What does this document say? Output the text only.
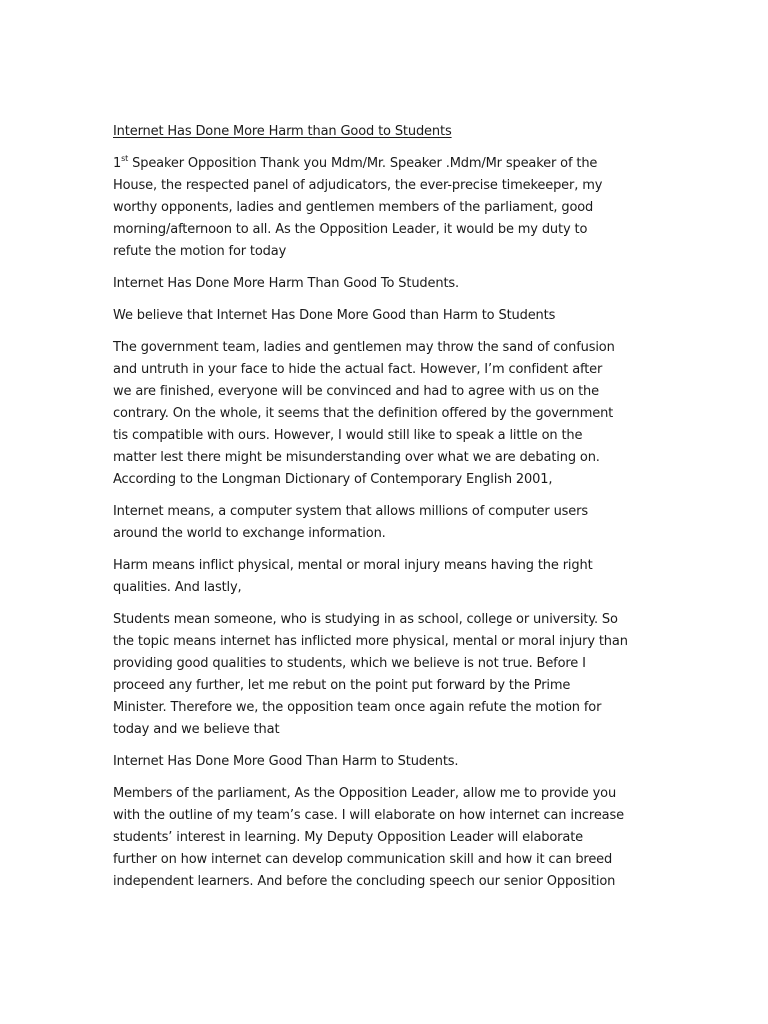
Internet Has Done More Harm than Good to Students

1st Speaker Opposition Thank you Mdm/Mr. Speaker .Mdm/Mr speaker of the
House, the respected panel of adjudicators, the ever-precise timekeeper, my
worthy opponents, ladies and gentlemen members of the parliament, good
morning/afternoon to all. As the Opposition Leader, it would be my duty to
refute the motion for today
Internet Has Done More Harm Than Good To Students.
We believe that Internet Has Done More Good than Harm to Students
The government team, ladies and gentlemen may throw the sand of confusion
and untruth in your face to hide the actual fact. However, I’m confident after
we are finished, everyone will be convinced and had to agree with us on the
contrary. On the whole, it seems that the definition offered by the government
tis compatible with ours. However, I would still like to speak a little on the
matter lest there might be misunderstanding over what we are debating on.
According to the Longman Dictionary of Contemporary English 2001,
Internet means, a computer system that allows millions of computer users
around the world to exchange information.
Harm means inflict physical, mental or moral injury means having the right
qualities. And lastly,
Students mean someone, who is studying in as school, college or university. So
the topic means internet has inflicted more physical, mental or moral injury than
providing good qualities to students, which we believe is not true. Before I
proceed any further, let me rebut on the point put forward by the Prime
Minister. Therefore we, the opposition team once again refute the motion for
today and we believe that
Internet Has Done More Good Than Harm to Students.
Members of the parliament, As the Opposition Leader, allow me to provide you
with the outline of my team’s case. I will elaborate on how internet can increase
students’ interest in learning. My Deputy Opposition Leader will elaborate
further on how internet can develop communication skill and how it can breed
independent learners. And before the concluding speech our senior Opposition
